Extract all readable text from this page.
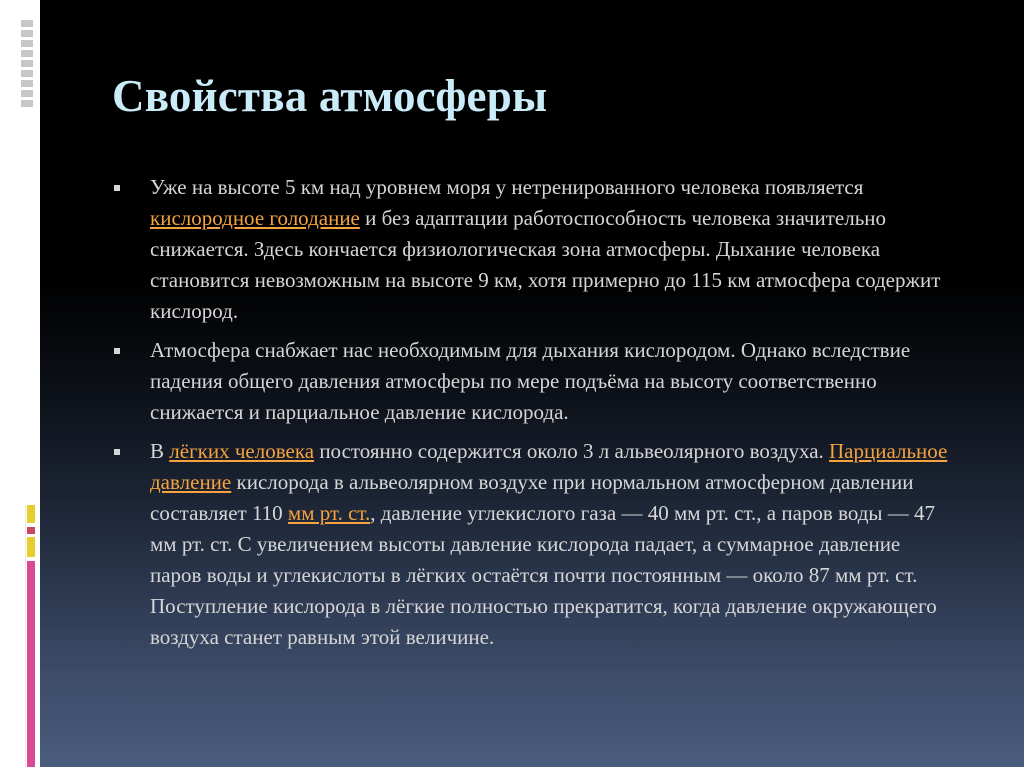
Свойства атмосферы
Уже на высоте 5 км над уровнем моря у нетренированного человека появляется кислородное голодание и без адаптации работоспособность человека значительно снижается. Здесь кончается физиологическая зона атмосферы. Дыхание человека становится невозможным на высоте 9 км, хотя примерно до 115 км атмосфера содержит кислород.
Атмосфера снабжает нас необходимым для дыхания кислородом. Однако вследствие падения общего давления атмосферы по мере подъёма на высоту соответственно снижается и парциальное давление кислорода.
В лёгких человека постоянно содержится около 3 л альвеолярного воздуха. Парциальное давление кислорода в альвеолярном воздухе при нормальном атмосферном давлении составляет 110 мм рт. ст., давление углекислого газа — 40 мм рт. ст., а паров воды — 47 мм рт. ст. С увеличением высоты давление кислорода падает, а суммарное давление паров воды и углекислоты в лёгких остаётся почти постоянным — около 87 мм рт. ст. Поступление кислорода в лёгкие полностью прекратится, когда давление окружающего воздуха станет равным этой величине.
